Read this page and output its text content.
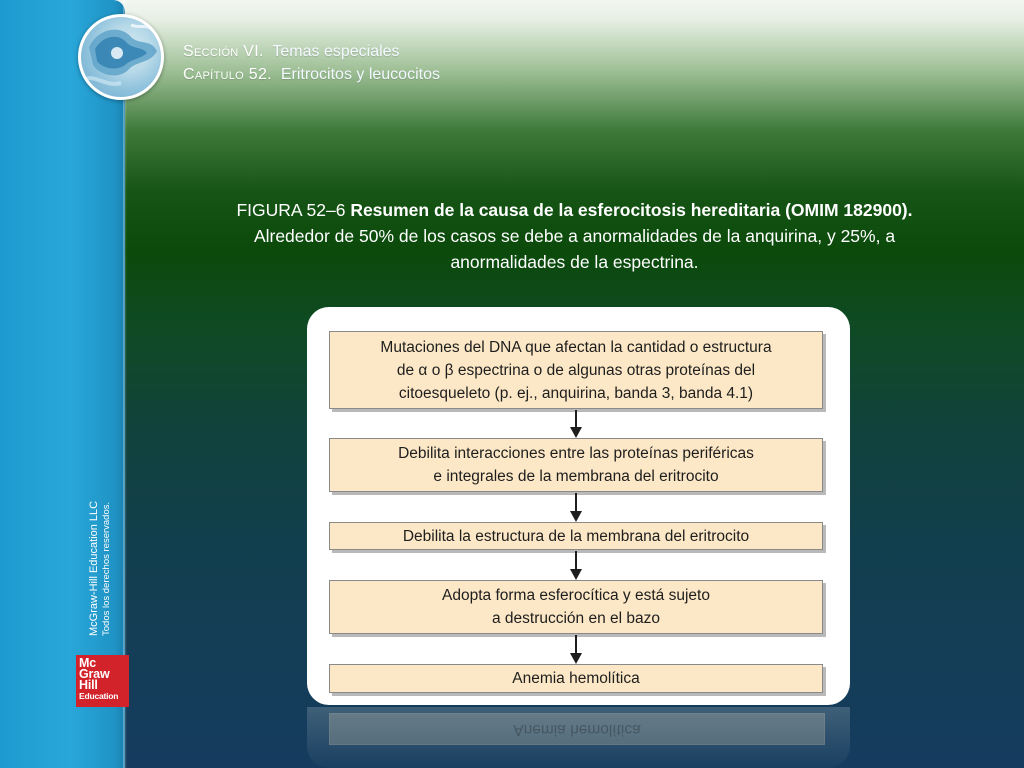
Sección VI. Temas especiales
Capítulo 52. Eritrocitos y leucocitos
McGraw-Hill Education LLC Todos los derechos reservados.
Mc
Graw
Hill
Education
FIGURA 52–6 Resumen de la causa de la esferocitosis hereditaria (OMIM 182900). Alrededor de 50% de los casos se debe a anormalidades de la anquirina, y 25%, a anormalidades de la espectrina.
Mutaciones del DNA que afectan la cantidad o estructura
de α o β espectrina o de algunas otras proteínas del
citoesqueleto (p. ej., anquirina, banda 3, banda 4.1)
Debilita interacciones entre las proteínas periféricas
e integrales de la membrana del eritrocito
Debilita la estructura de la membrana del eritrocito
Adopta forma esferocítica y está sujeto
a destrucción en el bazo
Anemia hemolítica
Anemia hemolítica
